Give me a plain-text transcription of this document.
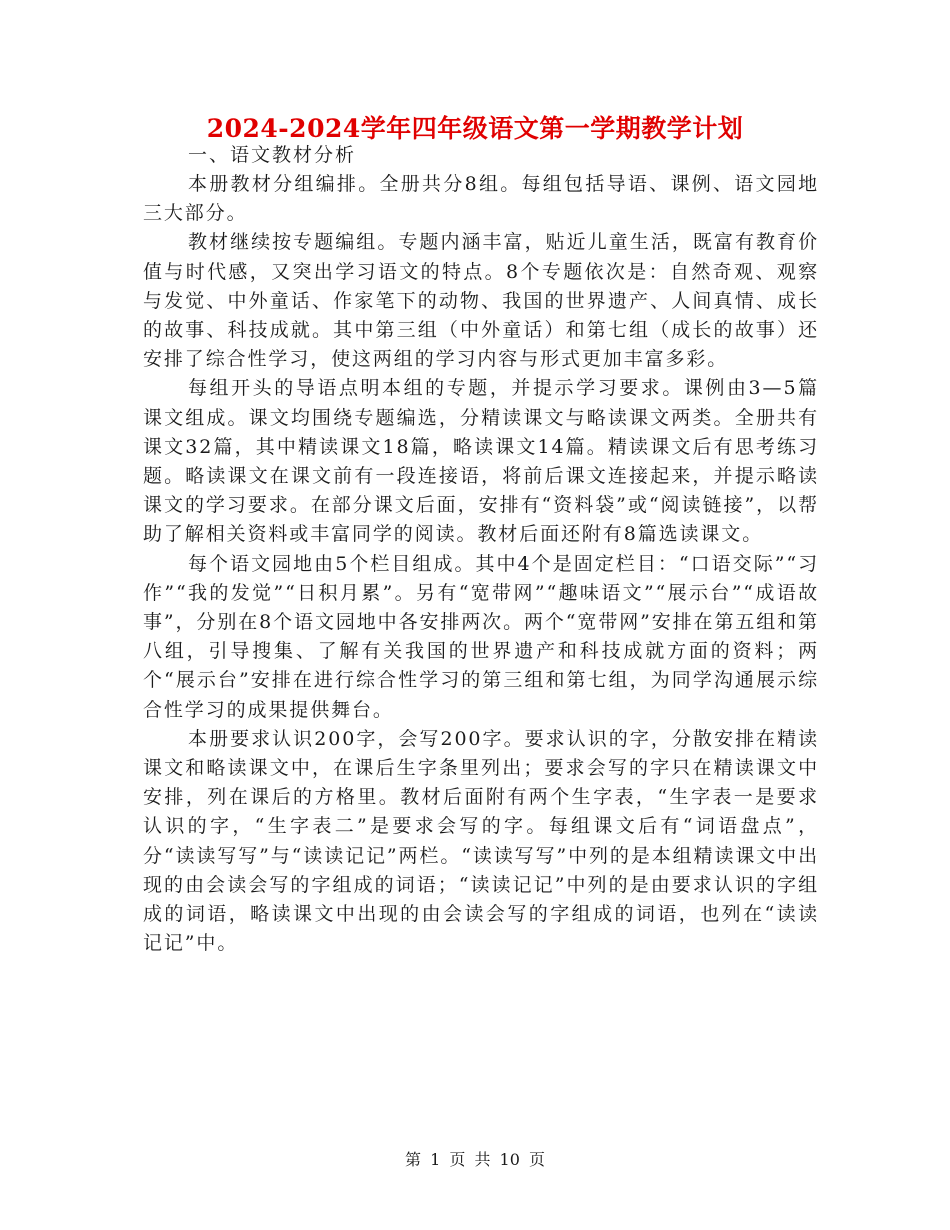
2024-2024学年四年级语文第一学期教学计划
一、语文教材分析

本册教材分组编排。全册共分8组。每组包括导语、课例、语文园地三大部分。

教材继续按专题编组。专题内涵丰富，贴近儿童生活，既富有教育价值与时代感，又突出学习语文的特点。8个专题依次是：自然奇观、观察与发觉、中外童话、作家笔下的动物、我国的世界遗产、人间真情、成长的故事、科技成就。其中第三组（中外童话）和第七组（成长的故事）还安排了综合性学习，使这两组的学习内容与形式更加丰富多彩。

每组开头的导语点明本组的专题，并提示学习要求。课例由3—5篇课文组成。课文均围绕专题编选，分精读课文与略读课文两类。全册共有课文32篇，其中精读课文18篇，略读课文14篇。精读课文后有思考练习题。略读课文在课文前有一段连接语，将前后课文连接起来，并提示略读课文的学习要求。在部分课文后面，安排有“资料袋”或“阅读链接”，以帮助了解相关资料或丰富同学的阅读。教材后面还附有8篇选读课文。

每个语文园地由5个栏目组成。其中4个是固定栏目：“口语交际”“习作”“我的发觉”“日积月累”。另有“宽带网”“趣味语文”“展示台”“成语故事”，分别在8个语文园地中各安排两次。两个“宽带网”安排在第五组和第八组，引导搜集、了解有关我国的世界遗产和科技成就方面的资料；两个“展示台”安排在进行综合性学习的第三组和第七组，为同学沟通展示综合性学习的成果提供舞台。

本册要求认识200字，会写200字。要求认识的字，分散安排在精读课文和略读课文中，在课后生字条里列出；要求会写的字只在精读课文中安排，列在课后的方格里。教材后面附有两个生字表，“生字表一是要求认识的字，“生字表二”是要求会写的字。每组课文后有“词语盘点”，分“读读写写”与“读读记记”两栏。“读读写写”中列的是本组精读课文中出现的由会读会写的字组成的词语；“读读记记”中列的是由要求认识的字组成的词语，略读课文中出现的由会读会写的字组成的词语，也列在“读读记记”中。

第 1 页 共 10 页
